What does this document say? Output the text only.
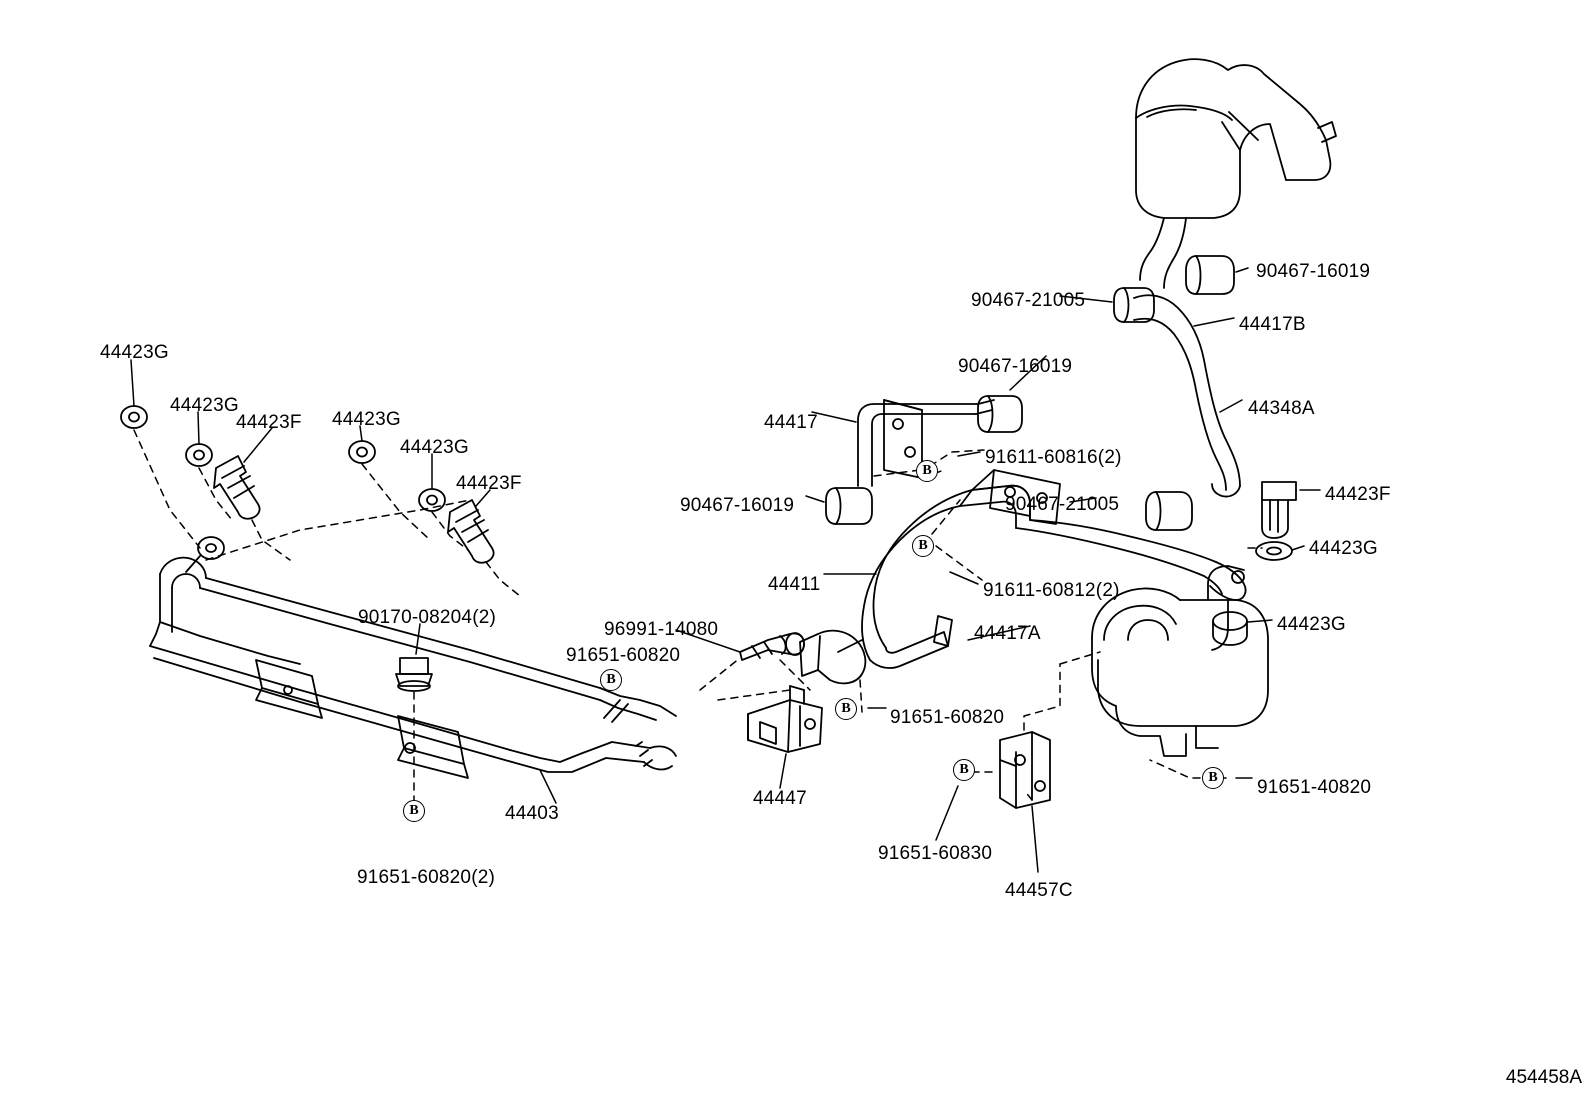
B
B
B
B
B
B
B
44423G
44423G
44423F 44423G
44423G
44423F
90170-08204(2)
96991-14080
91651-60820
44403
91651-60820(2)
44447
91651-60820
91651-60830
44457C
91651-40820
44411
44417A
90467-16019
44417
91611-60816(2)
91611-60812(2)
90467-21005
90467-16019
90467-21005
90467-16019
44417B
44348A
44423F
44423G
44423G
454458A
